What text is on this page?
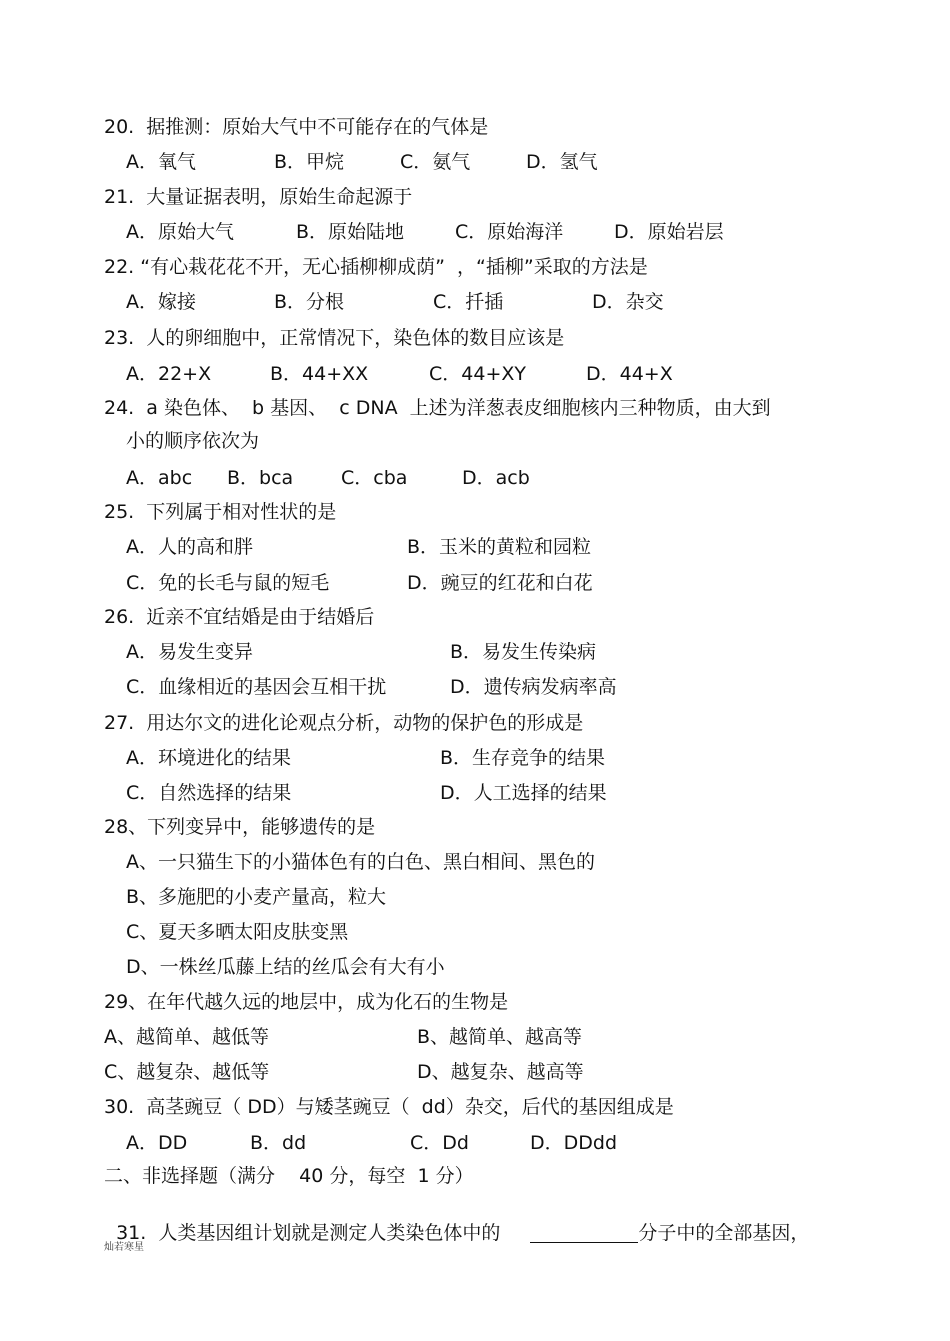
20.  据推测：原始大气中不可能存在的气体是
A．氧气	B．甲烷	C．氨气	D．氢气
21.  大量证据表明，原始生命起源于
A．原始大气	B．原始陆地	C．原始海洋	D．原始岩层
22. “有心栽花花不开，无心插柳柳成荫”  ，“插柳”采取的方法是
A．嫁接	B．分根	C．扦插	D．杂交
23.  人的卵细胞中，正常情况下，染色体的数目应该是
A．22+X	B．44+XX	C．44+XY	D．44+X
24.  a 染色体、  b 基因、  c DNA  上述为洋葱表皮细胞核内三种物质，由大到
小的顺序依次为
A．abc B．bca	C．cba	D．acb
25.  下列属于相对性状的是
A．人的高和胖	B．玉米的黄粒和园粒
C．免的长毛与鼠的短毛	D．豌豆的红花和白花
26.  近亲不宜结婚是由于结婚后
A．易发生变异	B．易发生传染病
C．血缘相近的基因会互相干扰	D．遗传病发病率高
27.  用达尔文的进化论观点分析，动物的保护色的形成是
A．环境进化的结果	B．生存竞争的结果
C．自然选择的结果	D．人工选择的结果
28、下列变异中，能够遗传的是
A、一只猫生下的小猫体色有的白色、黑白相间、黑色的
B、多施肥的小麦产量高，粒大
C、夏天多晒太阳皮肤变黑
D、一株丝瓜藤上结的丝瓜会有大有小
29、在年代越久远的地层中，成为化石的生物是
A、越简单、越低等	B、越简单、越高等
C、越复杂、越低等	D、越复杂、越高等
30.  高茎豌豆（ DD）与矮茎豌豆（  dd）杂交，后代的基因组成是
A．DD	B．dd	C．Dd	D．DDdd
二、非选择题（满分    40 分，每空  1 分）

31.  人类基因组计划就是测定人类染色体中的	分子中的全部基因，

灿若寒星
